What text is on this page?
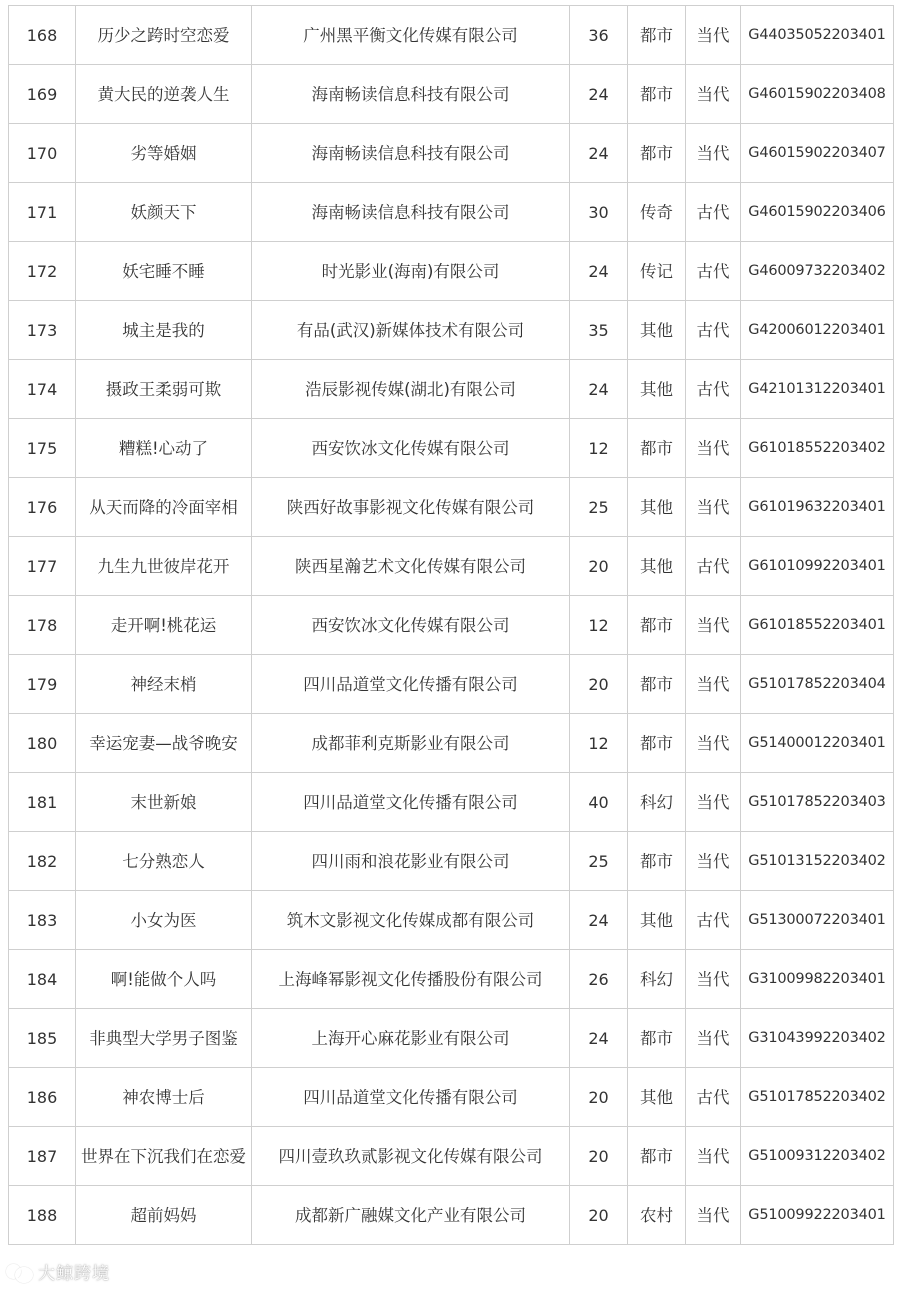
168	历少之跨时空恋爱	广州黑平衡文化传媒有限公司	36	都市	当代	G44035052203401
169	黄大民的逆袭人生	海南畅读信息科技有限公司	24	都市	当代	G46015902203408
170	劣等婚姻	海南畅读信息科技有限公司	24	都市	当代	G46015902203407
171	妖颜天下	海南畅读信息科技有限公司	30	传奇	古代	G46015902203406
172	妖宅睡不睡	时光影业(海南)有限公司	24	传记	古代	G46009732203402
173	城主是我的	有品(武汉)新媒体技术有限公司	35	其他	古代	G42006012203401
174	摄政王柔弱可欺	浩辰影视传媒(湖北)有限公司	24	其他	古代	G42101312203401
175	糟糕!心动了	西安饮冰文化传媒有限公司	12	都市	当代	G61018552203402
176	从天而降的冷面宰相	陕西好故事影视文化传媒有限公司	25	其他	当代	G61019632203401
177	九生九世彼岸花开	陕西星瀚艺术文化传媒有限公司	20	其他	古代	G61010992203401
178	走开啊!桃花运	西安饮冰文化传媒有限公司	12	都市	当代	G61018552203401
179	神经末梢	四川品道堂文化传播有限公司	20	都市	当代	G51017852203404
180	幸运宠妻—战爷晚安	成都菲利克斯影业有限公司	12	都市	当代	G51400012203401
181	末世新娘	四川品道堂文化传播有限公司	40	科幻	当代	G51017852203403
182	七分熟恋人	四川雨和浪花影业有限公司	25	都市	当代	G51013152203402
183	小女为医	筑木文影视文化传媒成都有限公司	24	其他	古代	G51300072203401
184	啊!能做个人吗	上海峰幂影视文化传播股份有限公司	26	科幻	当代	G31009982203401
185	非典型大学男子图鉴	上海开心麻花影业有限公司	24	都市	当代	G31043992203402
186	神农博士后	四川品道堂文化传播有限公司	20	其他	古代	G51017852203402
187	世界在下沉我们在恋爱	四川壹玖玖贰影视文化传媒有限公司	20	都市	当代	G51009312203402
188	超前妈妈	成都新广融媒文化产业有限公司	20	农村	当代	G51009922203401
大鲸跨境
